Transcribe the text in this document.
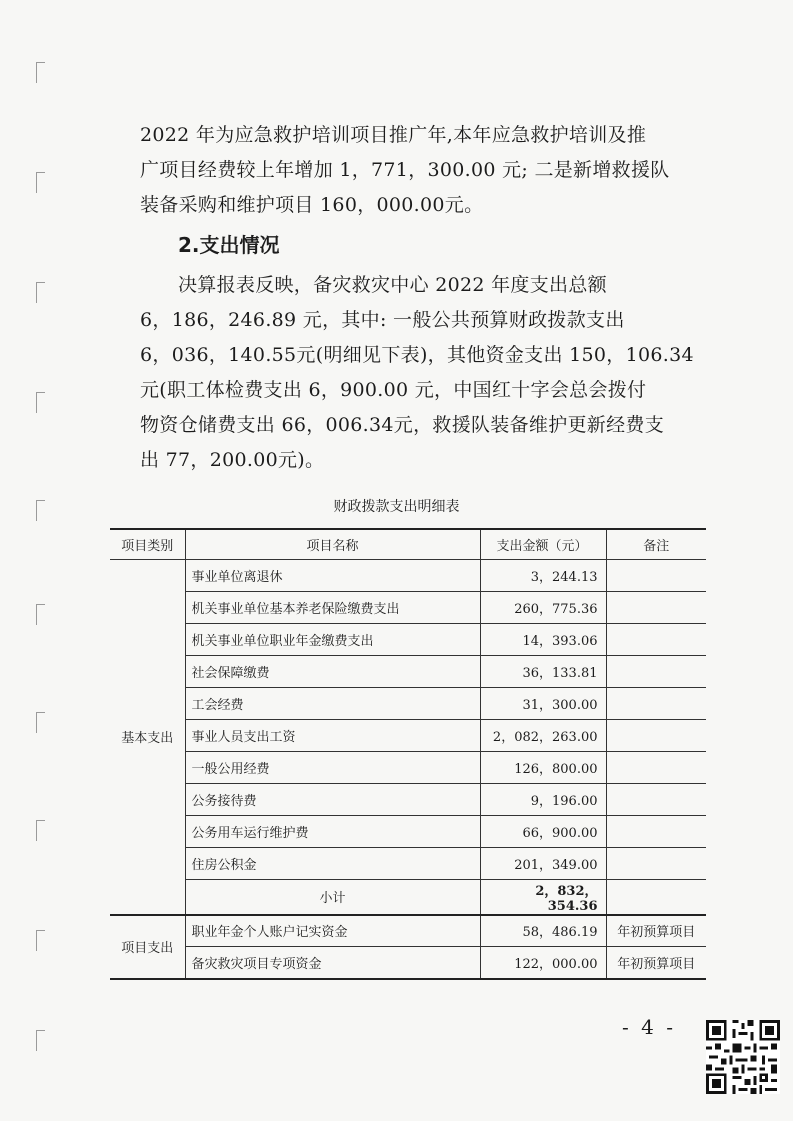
2022 年为应急救护培训项目推广年,本年应急救护培训及推
广项目经费较上年增加 1，771，300.00 元; 二是新增救援队
装备采购和维护项目 160，000.00元。
2.支出情况
决算报表反映，备灾救灾中心 2022 年度支出总额
6，186，246.89 元，其中: 一般公共预算财政拨款支出
6，036，140.55元(明细见下表)，其他资金支出 150，106.34
元(职工体检费支出 6，900.00 元，中国红十字会总会拨付
物资仓储费支出 66，006.34元，救援队装备维护更新经费支
出 77，200.00元)。
财政拨款支出明细表
项目类别	项目名称	支出金额（元）	备注
基本支出	事业单位离退休	3，244.13	
	机关事业单位基本养老保险缴费支出	260，775.36	
	机关事业单位职业年金缴费支出	14，393.06	
	社会保障缴费	36，133.81	
	工会经费	31，300.00	
	事业人员支出工资	2，082，263.00	
	一般公用经费	126，800.00	
	公务接待费	9，196.00	
	公务用车运行维护费	66，900.00	
	住房公积金	201，349.00	
	小计	2，832，354.36	
项目支出	职业年金个人账户记实资金	58，486.19	年初预算项目
	备灾救灾项目专项资金	122，000.00	年初预算项目
- 4 -
